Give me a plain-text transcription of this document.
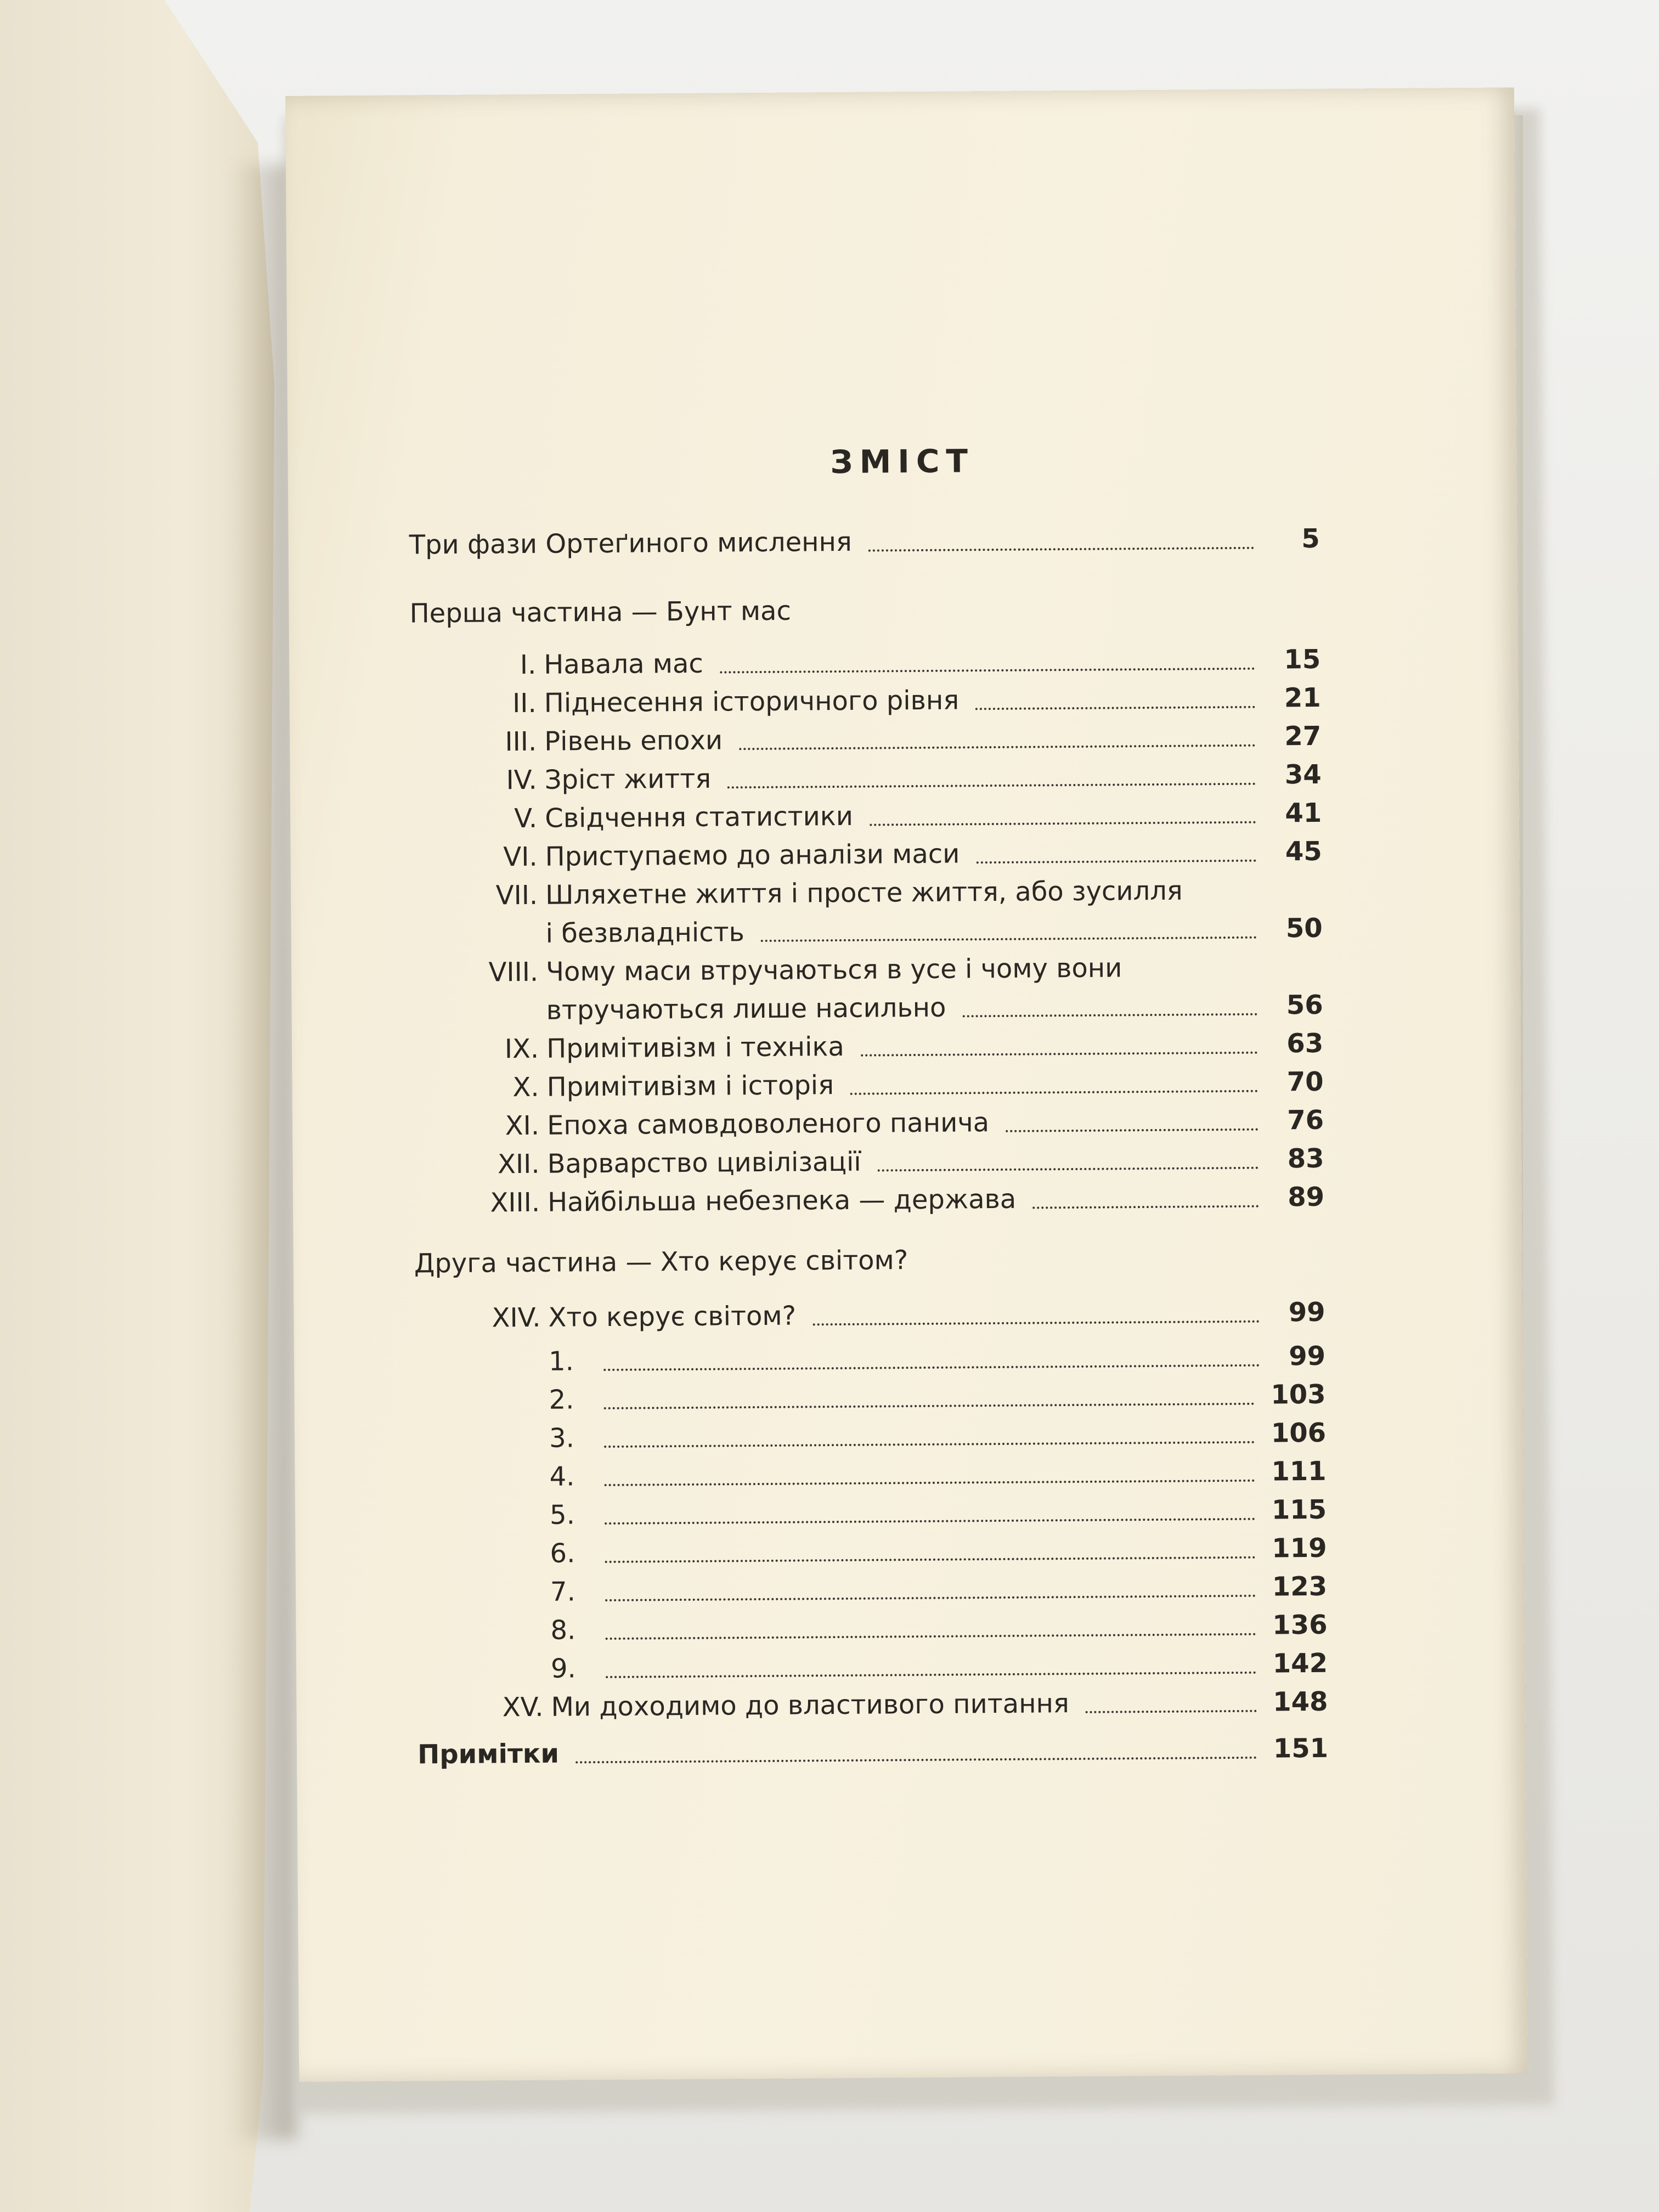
ЗМІСТ
Три фази Ортеґиного мислення	5
Перша частина — Бунт мас
I. Навала мас	15
II. Піднесення історичного рівня	21
III. Рівень епохи	27
IV. Зріст життя	34
V. Свідчення статистики	41
VI. Приступаємо до аналізи маси	45
VII. Шляхетне життя і просте життя, або зусилля
і безвладність	50
VIII. Чому маси втручаються в усе і чому вони
втручаються лише насильно	56
IX. Примітивізм і техніка	63
X. Примітивізм і історія	70
XI. Епоха самовдоволеного панича	76
XII. Варварство цивілізації	83
XIII. Найбільша небезпека — держава	89
Друга частина — Хто керує світом?
XIV. Хто керує світом?	99
1.	99
2.	103
3.	106
4.	111
5.	115
6.	119
7.	123
8.	136
9.	142
XV. Ми доходимо до властивого питання	148
Примітки	151
